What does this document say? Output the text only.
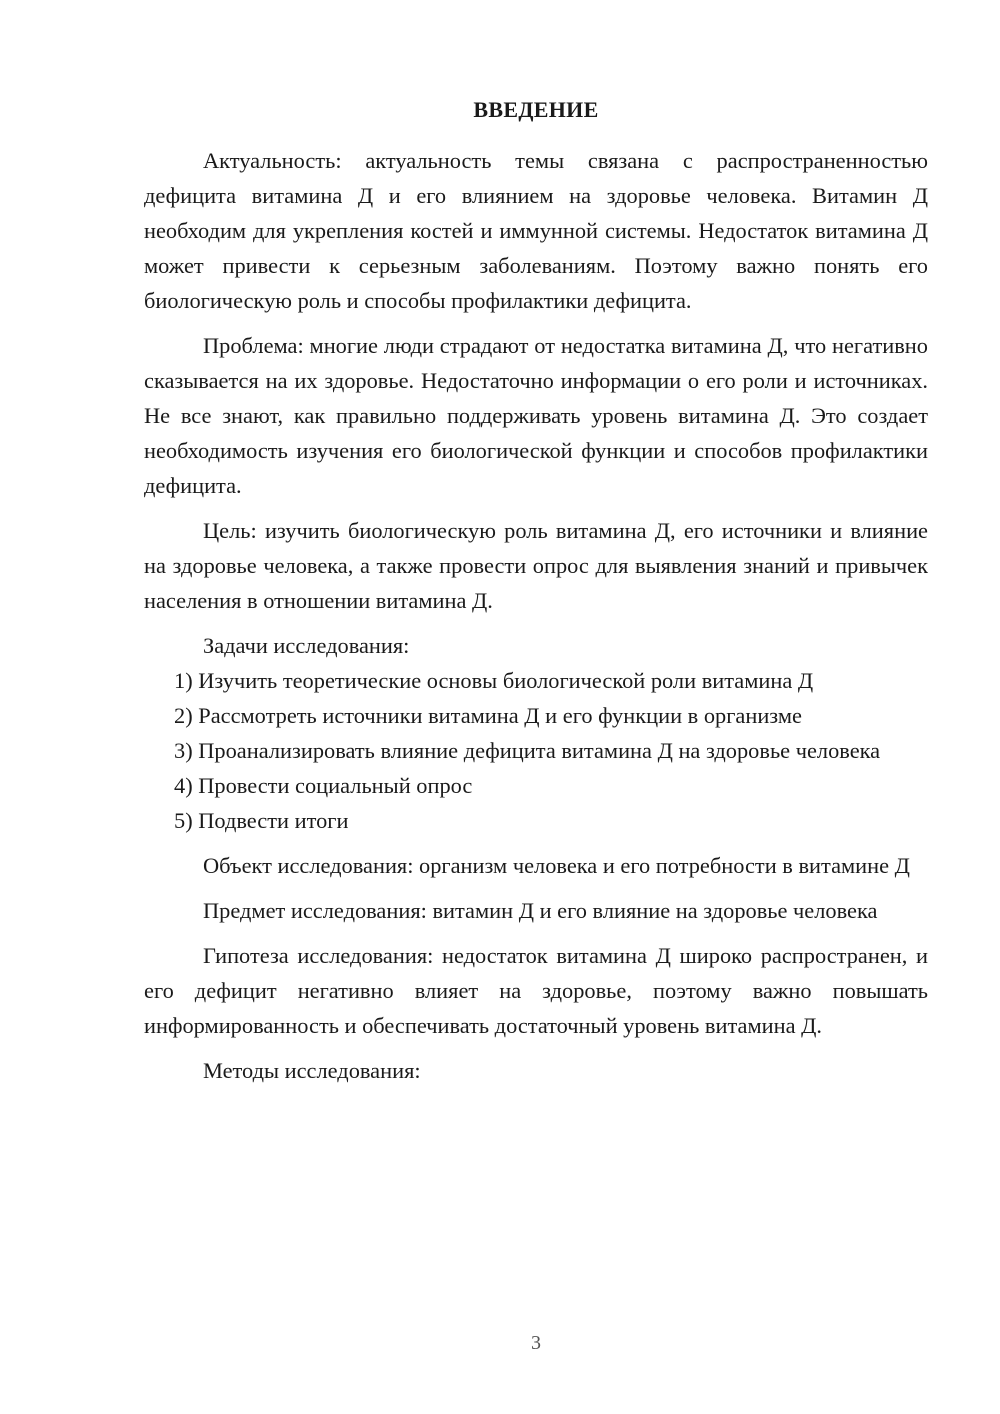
ВВЕДЕНИЕ

Актуальность: актуальность темы связана с распространенностью дефицита витамина Д и его влиянием на здоровье человека. Витамин Д необходим для укрепления костей и иммунной системы. Недостаток витамина Д может привести к серьезным заболеваниям. Поэтому важно понять его биологическую роль и способы профилактики дефицита.

Проблема: многие люди страдают от недостатка витамина Д, что негативно сказывается на их здоровье. Недостаточно информации о его роли и источниках. Не все знают, как правильно поддерживать уровень витамина Д. Это создает необходимость изучения его биологической функции и способов профилактики дефицита.

Цель: изучить биологическую роль витамина Д, его источники и влияние на здоровье человека, а также провести опрос для выявления знаний и привычек населения в отношении витамина Д.

Задачи исследования:

1) Изучить теоретические основы биологической роли витамина Д

2) Рассмотреть источники витамина Д и его функции в организме

3) Проанализировать влияние дефицита витамина Д на здоровье человека

4) Провести социальный опрос

5) Подвести итоги

Объект исследования: организм человека и его потребности в витамине Д

Предмет исследования: витамин Д и его влияние на здоровье человека

Гипотеза исследования: недостаток витамина Д широко распространен, и его дефицит негативно влияет на здоровье, поэтому важно повышать информированность и обеспечивать достаточный уровень витамина Д.

Методы исследования:

3
